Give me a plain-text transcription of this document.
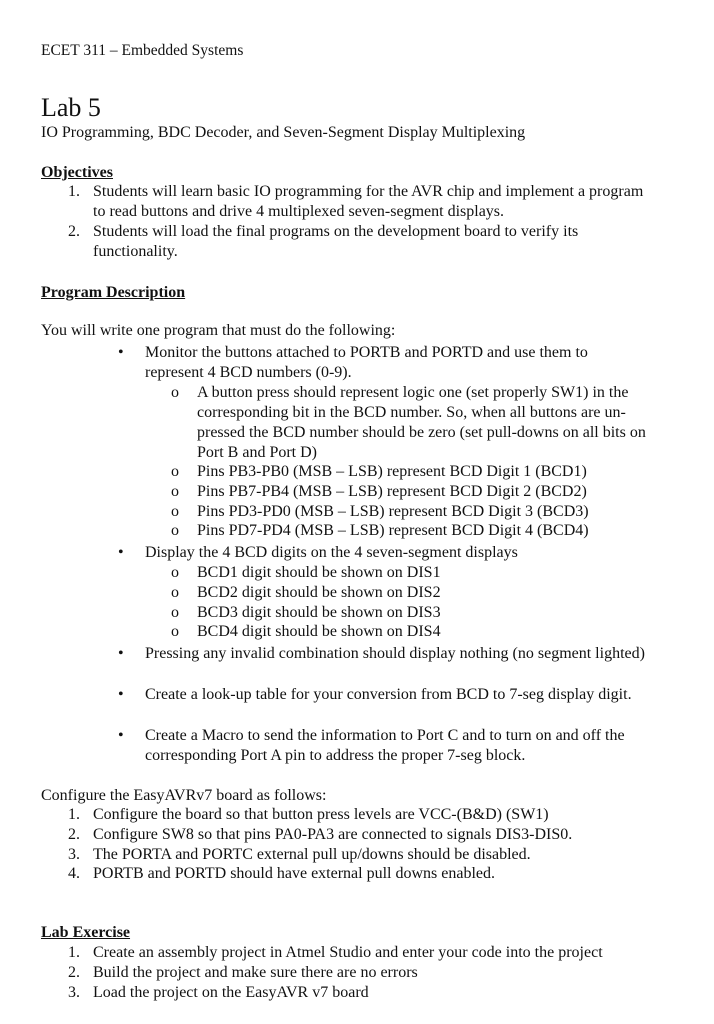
ECET 311 – Embedded Systems
Lab 5
IO Programming, BDC Decoder, and Seven-Segment Display Multiplexing
Objectives
1. Students will learn basic IO programming for the AVR chip and implement a program to read buttons and drive 4 multiplexed seven-segment displays.
2. Students will load the final programs on the development board to verify its functionality.
Program Description
You will write one program that must do the following:
• Monitor the buttons attached to PORTB and PORTD and use them to represent 4 BCD numbers (0-9).
o A button press should represent logic one (set properly SW1) in the corresponding bit in the BCD number. So, when all buttons are un-pressed the BCD number should be zero (set pull-downs on all bits on Port B and Port D)
o Pins PB3-PB0 (MSB – LSB) represent BCD Digit 1 (BCD1)
o Pins PB7-PB4 (MSB – LSB) represent BCD Digit 2 (BCD2)
o Pins PD3-PD0 (MSB – LSB) represent BCD Digit 3 (BCD3)
o Pins PD7-PD4 (MSB – LSB) represent BCD Digit 4 (BCD4)
• Display the 4 BCD digits on the 4 seven-segment displays
o BCD1 digit should be shown on DIS1
o BCD2 digit should be shown on DIS2
o BCD3 digit should be shown on DIS3
o BCD4 digit should be shown on DIS4
• Pressing any invalid combination should display nothing (no segment lighted)
• Create a look-up table for your conversion from BCD to 7-seg display digit.
• Create a Macro to send the information to Port C and to turn on and off the corresponding Port A pin to address the proper 7-seg block.
Configure the EasyAVRv7 board as follows:
1. Configure the board so that button press levels are VCC-(B&D) (SW1)
2. Configure SW8 so that pins PA0-PA3 are connected to signals DIS3-DIS0.
3. The PORTA and PORTC external pull up/downs should be disabled.
4. PORTB and PORTD should have external pull downs enabled.
Lab Exercise
1. Create an assembly project in Atmel Studio and enter your code into the project
2. Build the project and make sure there are no errors
3. Load the project on the EasyAVR v7 board
